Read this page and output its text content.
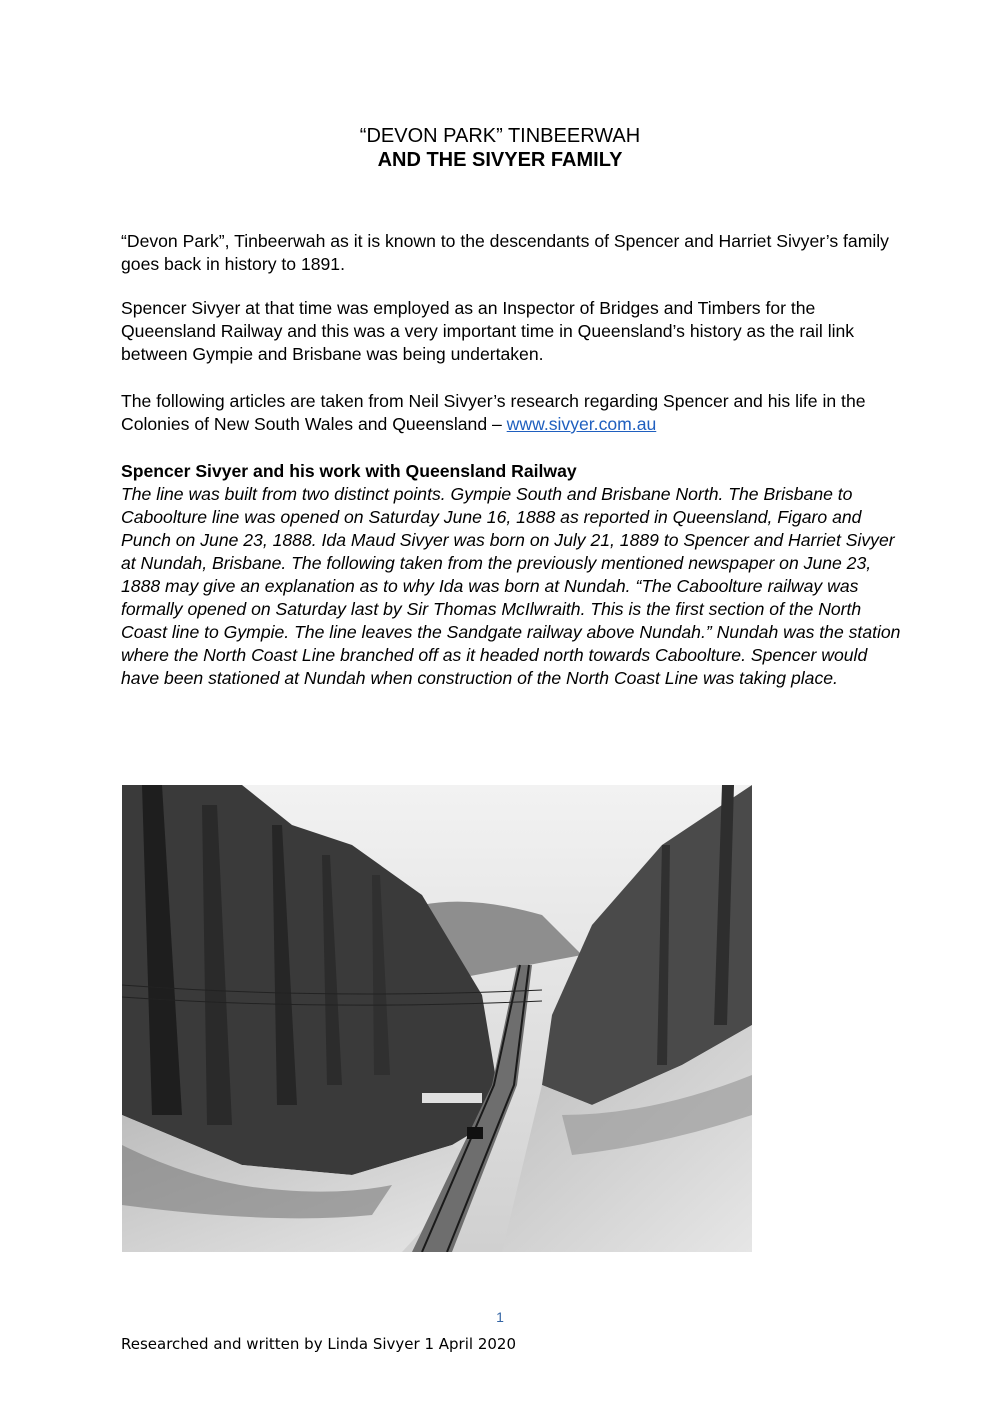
“DEVON PARK” TINBEERWAH
AND THE SIVYER FAMILY

“Devon Park”, Tinbeerwah as it is known to the descendants of Spencer and Harriet Sivyer’s family goes back in history to 1891.

Spencer Sivyer at that time was employed as an Inspector of Bridges and Timbers for the Queensland Railway and this was a very important time in Queensland’s history as the rail link between Gympie and Brisbane was being undertaken.

The following articles are taken from Neil Sivyer’s research regarding Spencer and his life in the Colonies of New South Wales and Queensland – www.sivyer.com.au

Spencer Sivyer and his work with Queensland Railway

The line was built from two distinct points. Gympie South and Brisbane North. The Brisbane to Caboolture line was opened on Saturday June 16, 1888 as reported in Queensland, Figaro and Punch on June 23, 1888. Ida Maud Sivyer was born on July 21, 1889 to Spencer and Harriet Sivyer at Nundah, Brisbane. The following taken from the previously mentioned newspaper on June 23, 1888 may give an explanation as to why Ida was born at Nundah. “The Caboolture railway was formally opened on Saturday last by Sir Thomas McIlwraith. This is the first section of the North Coast line to Gympie. The line leaves the Sandgate railway above Nundah.” Nundah was the station where the North Coast Line branched off as it headed north towards Caboolture. Spencer would have been stationed at Nundah when construction of the North Coast Line was taking place.

1
Researched and written by Linda Sivyer 1 April 2020
